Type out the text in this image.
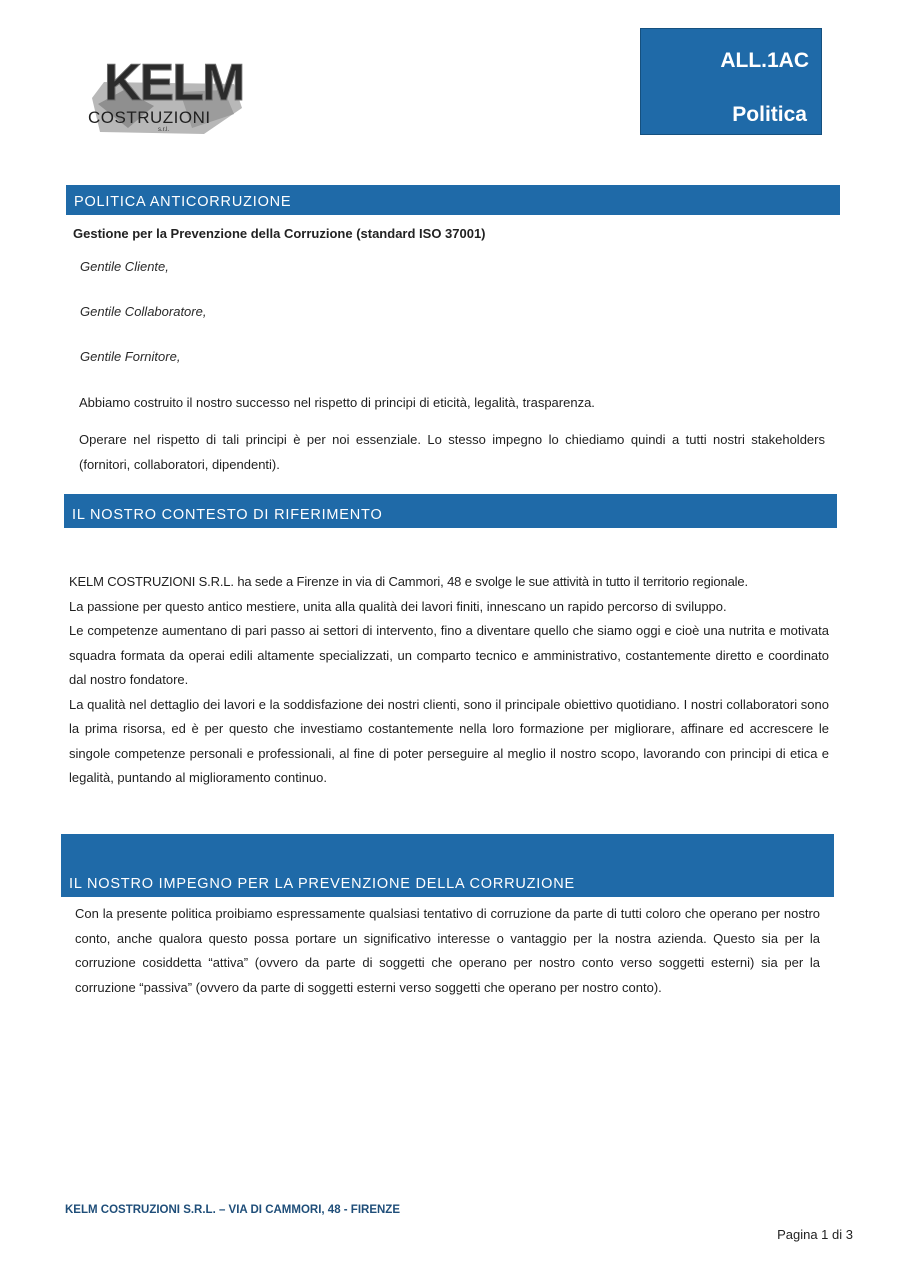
KELM
COSTRUZIONI
s.r.l.
ALL.1AC
Politica
POLITICA ANTICORRUZIONE
Gestione per la Prevenzione della Corruzione (standard ISO 37001)
Gentile Cliente,
Gentile Collaboratore,
Gentile Fornitore,
Abbiamo costruito il nostro successo nel rispetto di principi di eticità, legalità, trasparenza.
Operare nel rispetto di tali principi è per noi essenziale. Lo stesso impegno lo chiediamo quindi a tutti nostri stakeholders (fornitori, collaboratori, dipendenti).
IL NOSTRO CONTESTO DI RIFERIMENTO

KELM COSTRUZIONI S.R.L. ha sede a Firenze in via di Cammori, 48 e svolge le sue attività in tutto il territorio regionale.

La passione per questo antico mestiere, unita alla qualità dei lavori finiti, innescano un rapido percorso di sviluppo.

Le competenze aumentano di pari passo ai settori di intervento, fino a diventare quello che siamo oggi e cioè una nutrita e motivata squadra formata da operai edili altamente specializzati, un comparto tecnico e amministrativo, costantemente diretto e coordinato dal nostro fondatore.

La qualità nel dettaglio dei lavori e la soddisfazione dei nostri clienti, sono il principale obiettivo quotidiano. I nostri collaboratori sono la prima risorsa, ed è per questo che investiamo costantemente nella loro formazione per migliorare, affinare ed accrescere le singole competenze personali e professionali, al fine di poter perseguire al meglio il nostro scopo, lavorando con principi di etica e legalità, puntando al miglioramento continuo.

IL NOSTRO IMPEGNO PER LA PREVENZIONE DELLA CORRUZIONE
Con la presente politica proibiamo espressamente qualsiasi tentativo di corruzione da parte di tutti coloro che operano per nostro conto, anche qualora questo possa portare un significativo interesse o vantaggio per la nostra azienda. Questo sia per la corruzione cosiddetta “attiva” (ovvero da parte di soggetti che operano per nostro conto verso soggetti esterni) sia per la corruzione “passiva” (ovvero da parte di soggetti esterni verso soggetti che operano per nostro conto).
KELM COSTRUZIONI S.R.L. – VIA DI CAMMORI, 48 - FIRENZE
Pagina 1 di 3
